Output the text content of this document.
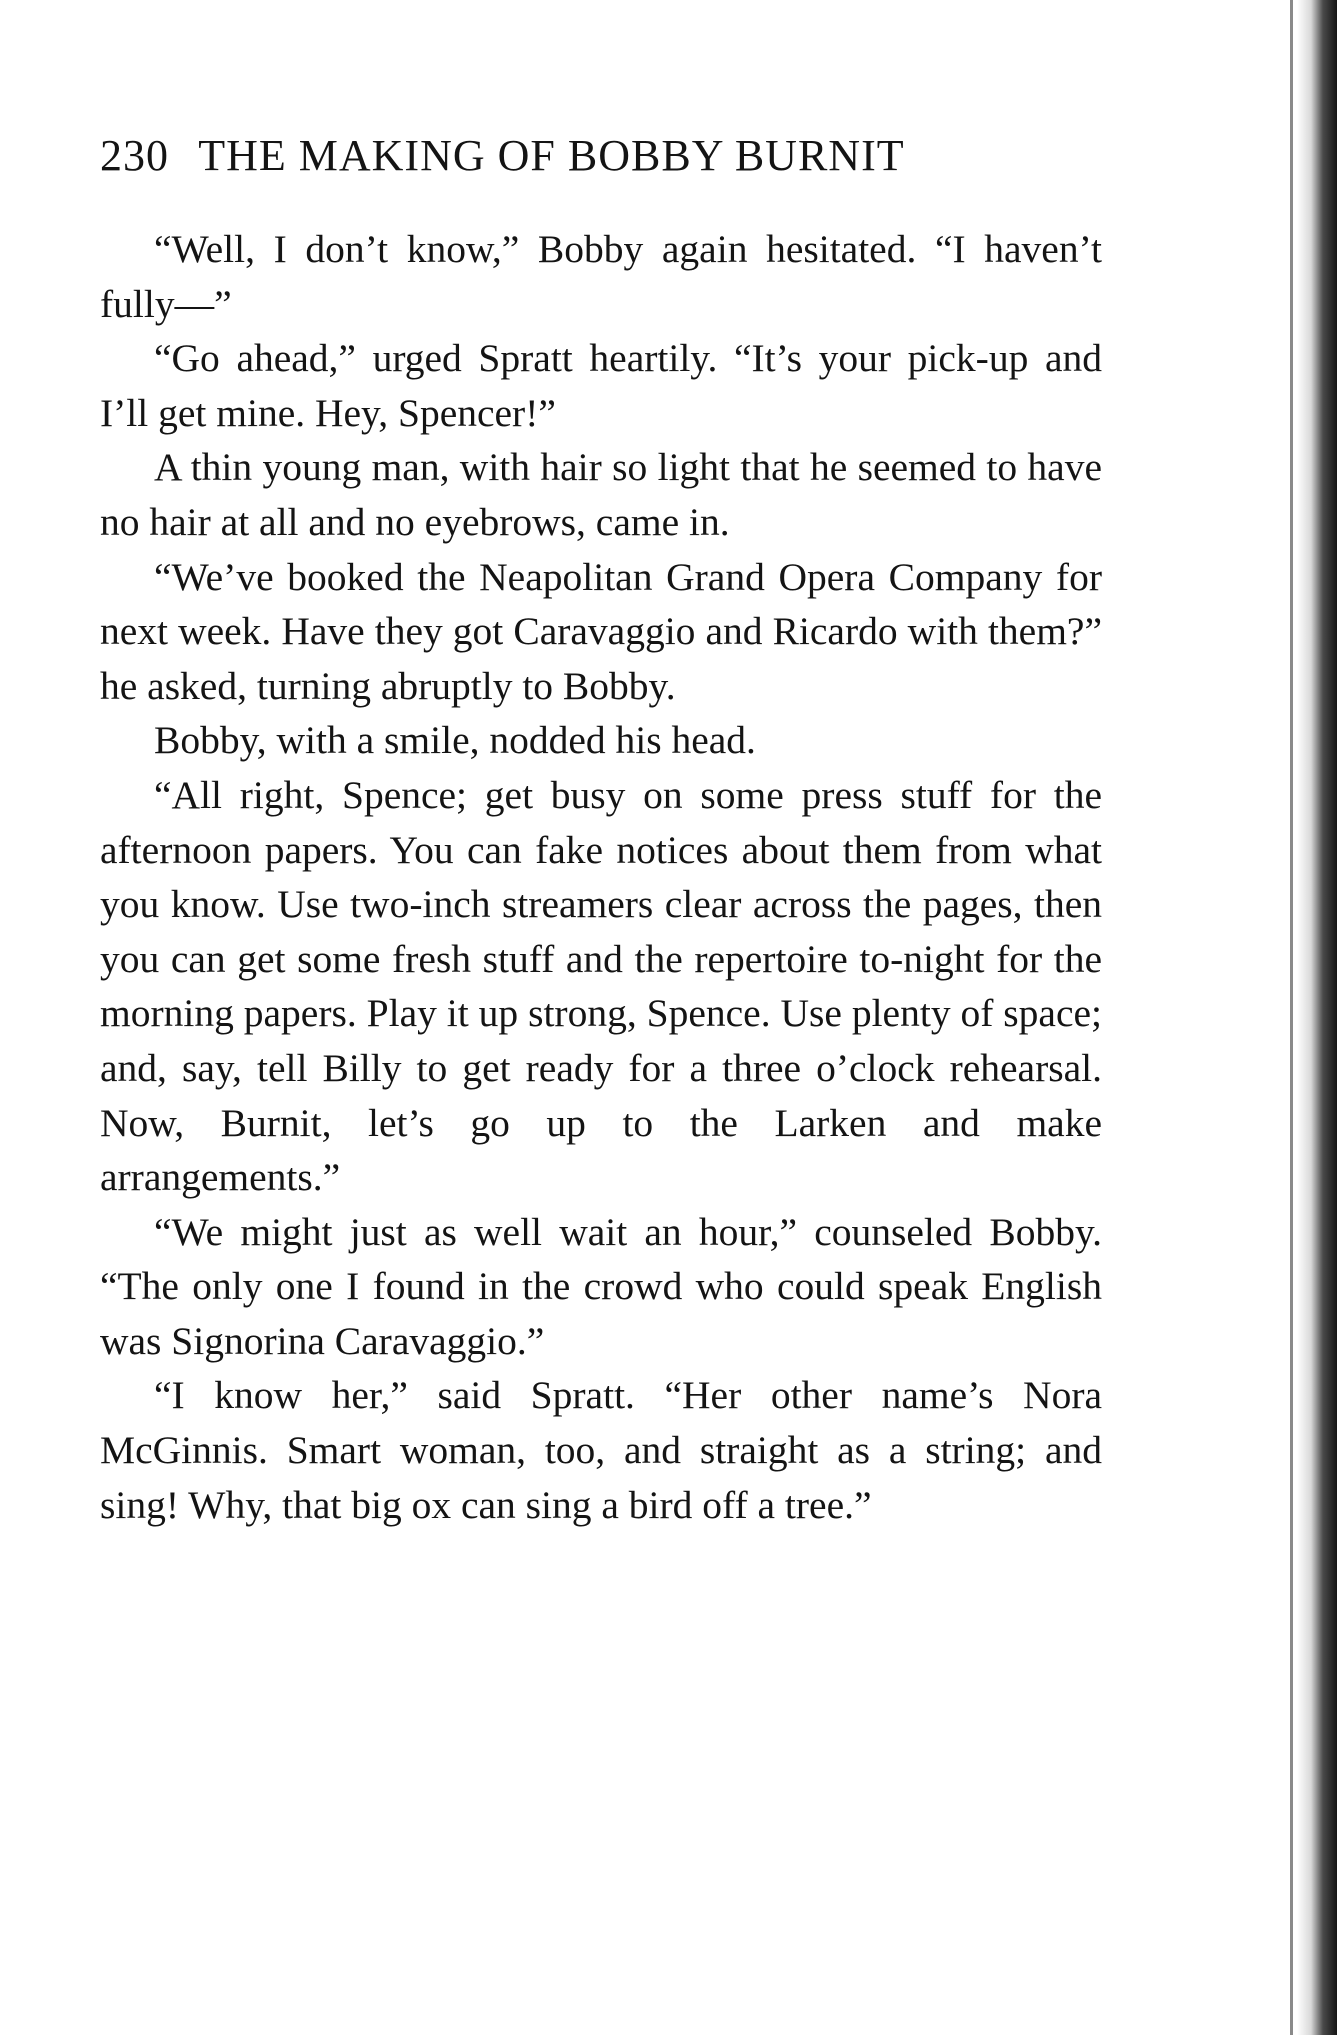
230 THE MAKING OF BOBBY BURNIT

“Well, I don’t know,” Bobby again hesitated. “I haven’t fully—”

“Go ahead,” urged Spratt heartily. “It’s your pick-up and I’ll get mine. Hey, Spencer!”

A thin young man, with hair so light that he seemed to have no hair at all and no eyebrows, came in.

“We’ve booked the Neapolitan Grand Opera Company for next week. Have they got Caravaggio and Ricardo with them?” he asked, turning abruptly to Bobby.

Bobby, with a smile, nodded his head.

“All right, Spence; get busy on some press stuff for the afternoon papers. You can fake notices about them from what you know. Use two-inch streamers clear across the pages, then you can get some fresh stuff and the repertoire to-night for the morning papers. Play it up strong, Spence. Use plenty of space; and, say, tell Billy to get ready for a three o’clock rehearsal. Now, Burnit, let’s go up to the Larken and make arrangements.”

“We might just as well wait an hour,” counseled Bobby. “The only one I found in the crowd who could speak English was Signorina Caravaggio.”

“I know her,” said Spratt. “Her other name’s Nora McGinnis. Smart woman, too, and straight as a string; and sing! Why, that big ox can sing a bird off a tree.”
